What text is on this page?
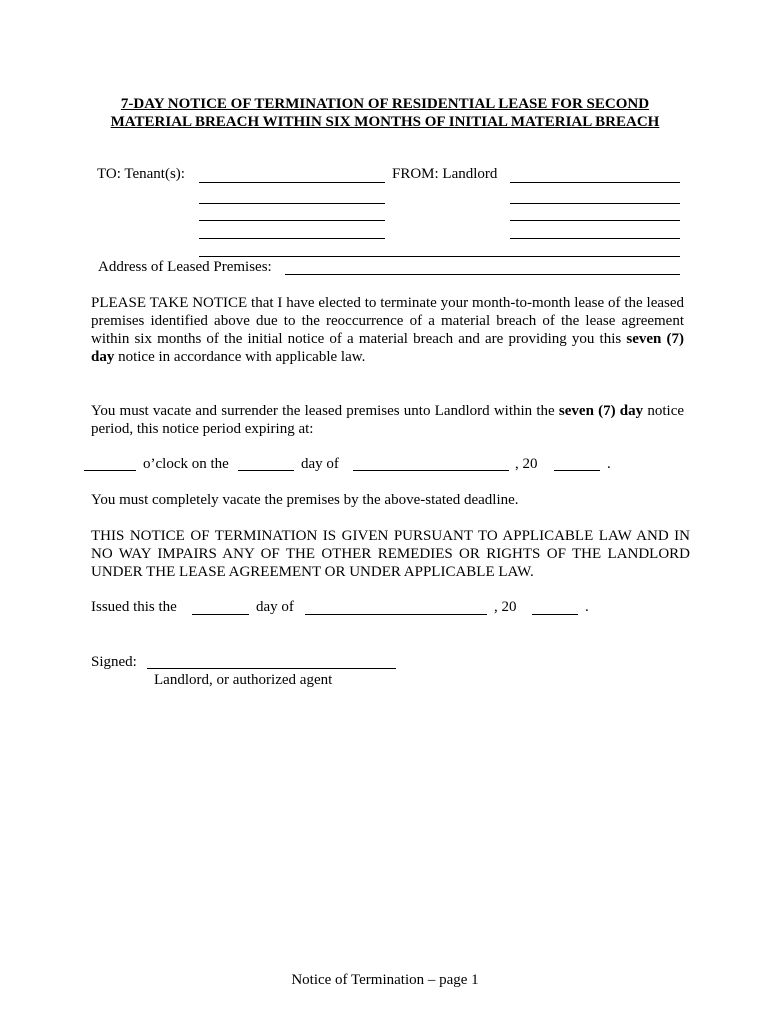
7-DAY NOTICE OF TERMINATION OF RESIDENTIAL LEASE FOR SECOND
MATERIAL BREACH WITHIN SIX MONTHS OF INITIAL MATERIAL BREACH
TO: Tenant(s):	FROM: Landlord
Address of Leased Premises:
PLEASE TAKE NOTICE that I have elected to terminate your month-to-month lease of the leased premises identified above due to the reoccurrence of a material breach of the lease agreement within six months of the initial notice of a material breach and are providing you this seven (7) day notice in accordance with applicable law.
You must vacate and surrender the leased premises unto Landlord within the seven (7) day notice period, this notice period expiring at:
o’clock on the	day of	, 20	.
You must completely vacate the premises by the above-stated deadline.
THIS NOTICE OF TERMINATION IS GIVEN PURSUANT TO APPLICABLE LAW AND IN NO WAY IMPAIRS ANY OF THE OTHER REMEDIES OR RIGHTS OF THE LANDLORD UNDER THE LEASE AGREEMENT OR UNDER APPLICABLE LAW.
Issued this the	day of	, 20	.
Signed:
Landlord, or authorized agent
Notice of Termination – page 1
